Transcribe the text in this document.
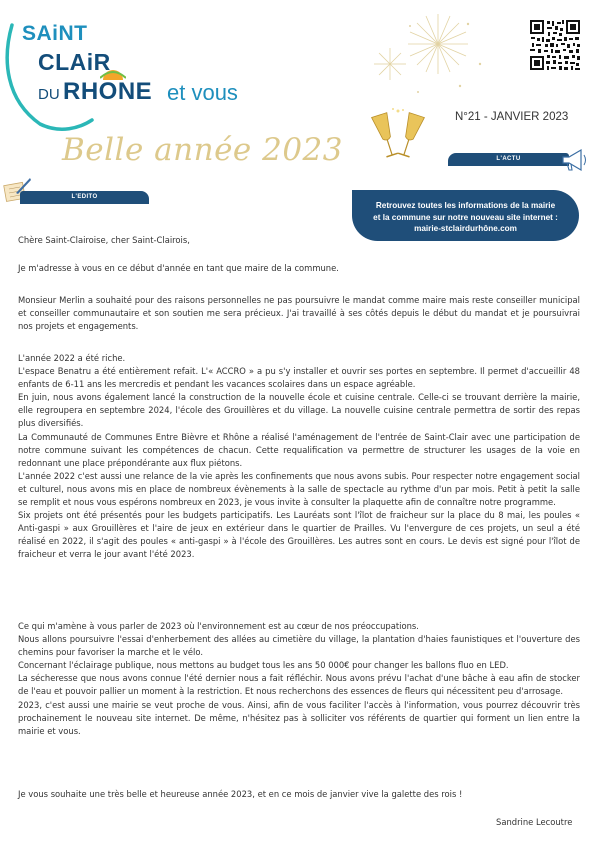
SAiNT
CLAiR
DU RHONE et vous
N°21 - JANVIER 2023
Belle année 2023
L'EDITO
L'ACTU
Retrouvez toutes les informations de la mairie
et la commune sur notre nouveau site internet :
mairie-stclairdurhône.com

Chère Saint-Clairoise, cher Saint-Clairois,

Je m'adresse à vous en ce début d'année en tant que maire de la commune.

Monsieur Merlin a souhaité pour des raisons personnelles ne pas poursuivre le mandat comme maire mais reste conseiller municipal et conseiller communautaire et son soutien me sera précieux. J'ai travaillé à ses côtés depuis le début du mandat et je poursuivrai nos projets et engagements.

L'année 2022 a été riche.

L'espace Benatru a été entièrement refait. L'« ACCRO » a pu s'y installer et ouvrir ses portes en septembre. Il permet d'accueillir 48 enfants de 6-11 ans les mercredis et pendant les vacances scolaires dans un espace agréable.

En juin, nous avons également lancé la construction de la nouvelle école et cuisine centrale. Celle-ci se trouvant derrière la mairie, elle regroupera en septembre 2024, l'école des Grouillères et du village. La nouvelle cuisine centrale permettra de sortir des repas plus diversifiés.

La Communauté de Communes Entre Bièvre et Rhône a réalisé l'aménagement de l'entrée de Saint-Clair avec une participation de notre commune suivant les compétences de chacun. Cette requalification va permettre de structurer les usages de la voie en redonnant une place prépondérante aux flux piétons.

L'année 2022 c'est aussi une relance de la vie après les confinements que nous avons subis. Pour respecter notre engagement social et culturel, nous avons mis en place de nombreux évènements à la salle de spectacle au rythme d'un par mois. Petit à petit la salle se remplit et nous vous espérons nombreux en 2023, je vous invite à consulter la plaquette afin de connaître notre programme.

Six projets ont été présentés pour les budgets participatifs. Les Lauréats sont l'îlot de fraicheur sur la place du 8 mai, les poules « Anti-gaspi » aux Grouillères et l'aire de jeux en extérieur dans le quartier de Prailles. Vu l'envergure de ces projets, un seul a été réalisé en 2022, il s'agit des poules « anti-gaspi » à l'école des Grouillères. Les autres sont en cours. Le devis est signé pour l'îlot de fraicheur et verra le jour avant l'été 2023.

Ce qui m'amène à vous parler de 2023 où l'environnement est au cœur de nos préoccupations.

Nous allons poursuivre l'essai d'enherbement des allées au cimetière du village, la plantation d'haies faunistiques et l'ouverture des chemins pour favoriser la marche et le vélo.

Concernant l'éclairage publique, nous mettons au budget tous les ans 50 000€ pour changer les ballons fluo en LED.

La sécheresse que nous avons connue l'été dernier nous a fait réfléchir. Nous avons prévu l'achat d'une bâche à eau afin de stocker de l'eau et pouvoir pallier un moment à la restriction. Et nous recherchons des essences de fleurs qui nécessitent peu d'arrosage.

2023, c'est aussi une mairie se veut proche de vous. Ainsi, afin de vous faciliter l'accès à l'information, vous pourrez découvrir très prochainement le nouveau site internet. De même, n'hésitez pas à solliciter vos référents de quartier qui forment un lien entre la mairie et vous.

Je vous souhaite une très belle et heureuse année 2023, et en ce mois de janvier vive la galette des rois !

Sandrine Lecoutre
